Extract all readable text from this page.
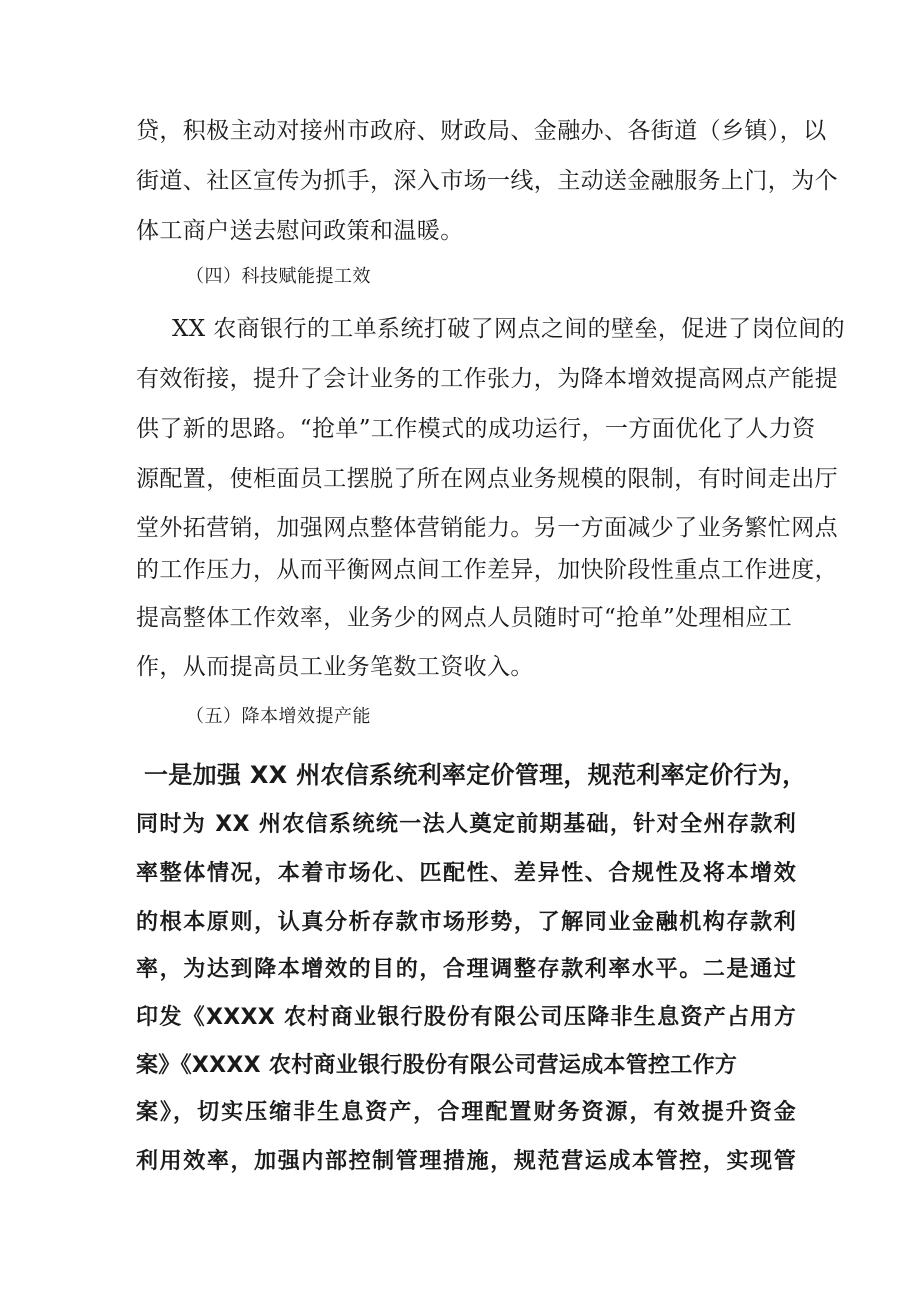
贷，积极主动对接州市政府、财政局、金融办、各街道（乡镇），以
街道、社区宣传为抓手，深入市场一线，主动送金融服务上门，为个
体工商户送去慰问政策和温暖。
（四）科技赋能提工效
XX 农商银行的工单系统打破了网点之间的壁垒，促进了岗位间的
有效衔接，提升了会计业务的工作张力，为降本增效提高网点产能提
供了新的思路。“抢单”工作模式的成功运行，一方面优化了人力资
源配置，使柜面员工摆脱了所在网点业务规模的限制，有时间走出厅
堂外拓营销，加强网点整体营销能力。另一方面减少了业务繁忙网点
的工作压力，从而平衡网点间工作差异，加快阶段性重点工作进度，
提高整体工作效率，业务少的网点人员随时可“抢单”处理相应工
作，从而提高员工业务笔数工资收入。
（五）降本增效提产能
一是加强 XX 州农信系统利率定价管理，规范利率定价行为，
同时为 XX 州农信系统统一法人奠定前期基础，针对全州存款利
率整体情况，本着市场化、匹配性、差异性、合规性及将本增效
的根本原则，认真分析存款市场形势，了解同业金融机构存款利
率，为达到降本增效的目的，合理调整存款利率水平。二是通过
印发《XXXX 农村商业银行股份有限公司压降非生息资产占用方
案》《XXXX 农村商业银行股份有限公司营运成本管控工作方
案》，切实压缩非生息资产，合理配置财务资源，有效提升资金
利用效率，加强内部控制管理措施，规范营运成本管控，实现管
